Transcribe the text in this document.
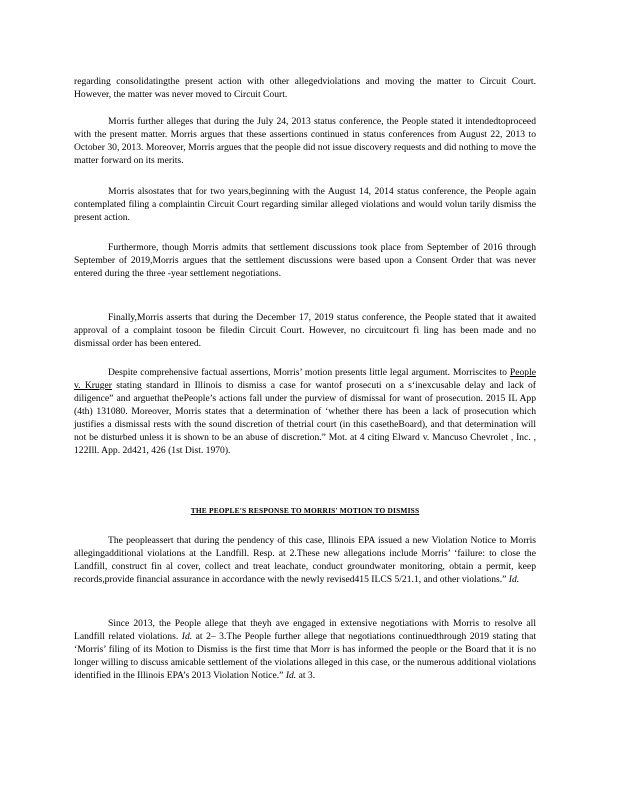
regarding consolidatingthe present action with other allegedviolations and moving the matter to Circuit Court. However, the matter was never moved to Circuit Court.

Morris further alleges that during the July 24, 2013 status conference, the People stated it intendedtoproceed with the present matter. Morris argues that these assertions continued in status conferences from August 22, 2013 to October 30, 2013. Moreover, Morris argues that the people did not issue discovery requests and did nothing to move the matter forward on its merits.

Morris alsostates that for two years,beginning with the August 14, 2014 status conference, the People again contemplated filing a complaintin Circuit Court regarding similar alleged violations and would volun tarily dismiss the present action.

Furthermore, though Morris admits that settlement discussions took place from September of 2016 through September of 2019,Morris argues that the settlement discussions were based upon a Consent Order that was never entered during the three -year settlement negotiations.

Finally,Morris asserts that during the December 17, 2019 status conference, the People stated that it awaited approval of a complaint tosoon be filedin Circuit Court. However, no circuitcourt fi ling has been made and no dismissal order has been entered.

Despite comprehensive factual assertions, Morris’ motion presents little legal argument. Morriscites to People v. Kruger stating standard in Illinois to dismiss a case for wantof prosecuti on a s‘inexcusable delay and lack of diligence” and arguethat thePeople’s actions fall under the purview of dismissal for want of prosecution. 2015 IL App (4th) 131080. Moreover, Morris states that a determination of ‘whether there has been a lack of prosecution which justifies a dismissal rests with the sound discretion of thetrial court (in this casetheBoard), and that determination will not be disturbed unless it is shown to be an abuse of discretion.” Mot. at 4 citing Elward v. Mancuso Chevrolet , Inc. , 122Ill. App. 2d421, 426 (1st Dist. 1970).

THE PEOPLE'S RESPONSE TO MORRIS' MOTION TO DISMISS

The peopleassert that during the pendency of this case, Illinois EPA issued a new Violation Notice to Morris allegingadditional violations at the Landfill. Resp. at 2.These new allegations include Morris’ ‘failure: to close the Landfill, construct fin al cover, collect and treat leachate, conduct groundwater monitoring, obtain a permit, keep records,provide financial assurance in accordance with the newly revised415 ILCS 5/21.1, and other violations.” Id.

Since 2013, the People allege that theyh ave engaged in extensive negotiations with Morris to resolve all Landfill related violations. Id. at 2– 3.The People further allege that negotiations continuedthrough 2019 stating that ‘Morris’ filing of its Motion to Dismiss is the first time that Morr is has informed the people or the Board that it is no longer willing to discuss amicable settlement of the violations alleged in this case, or the numerous additional violations identified in the Illinois EPA’s 2013 Violation Notice.” Id. at 3.
